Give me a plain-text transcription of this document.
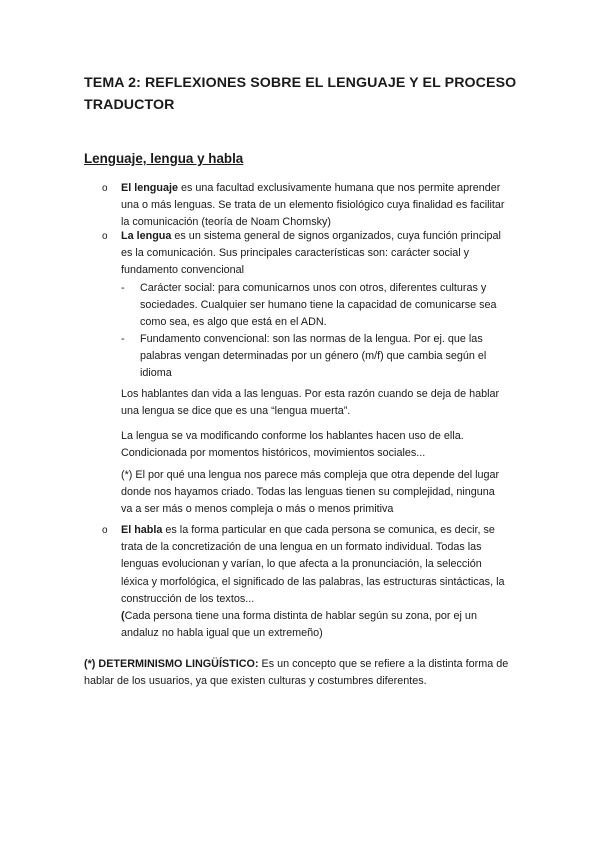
TEMA 2: REFLEXIONES SOBRE EL LENGUAJE Y EL PROCESO
TRADUCTOR
Lenguaje, lengua y habla
o El lenguaje es una facultad exclusivamente humana que nos permite aprender
una o más lenguas. Se trata de un elemento fisiológico cuya finalidad es facilitar
la comunicación (teoría de Noam Chomsky)
o La lengua es un sistema general de signos organizados, cuya función principal
es la comunicación. Sus principales características son: carácter social y
fundamento convencional
- Carácter social: para comunicarnos unos con otros, diferentes culturas y
sociedades. Cualquier ser humano tiene la capacidad de comunicarse sea
como sea, es algo que está en el ADN.
- Fundamento convencional: son las normas de la lengua. Por ej. que las
palabras vengan determinadas por un género (m/f) que cambia según el
idioma
Los hablantes dan vida a las lenguas. Por esta razón cuando se deja de hablar
una lengua se dice que es una “lengua muerta”.
La lengua se va modificando conforme los hablantes hacen uso de ella.
Condicionada por momentos históricos, movimientos sociales...
(*) El por qué una lengua nos parece más compleja que otra depende del lugar
donde nos hayamos criado. Todas las lenguas tienen su complejidad, ninguna
va a ser más o menos compleja o más o menos primitiva
o El habla es la forma particular en que cada persona se comunica, es decir, se
trata de la concretización de una lengua en un formato individual. Todas las
lenguas evolucionan y varían, lo que afecta a la pronunciación, la selección
léxica y morfológica, el significado de las palabras, las estructuras sintácticas, la
construcción de los textos...
(Cada persona tiene una forma distinta de hablar según su zona, por ej un
andaluz no habla igual que un extremeño)
(*) DETERMINISMO LINGÜÍSTICO: Es un concepto que se refiere a la distinta forma de
hablar de los usuarios, ya que existen culturas y costumbres diferentes.
